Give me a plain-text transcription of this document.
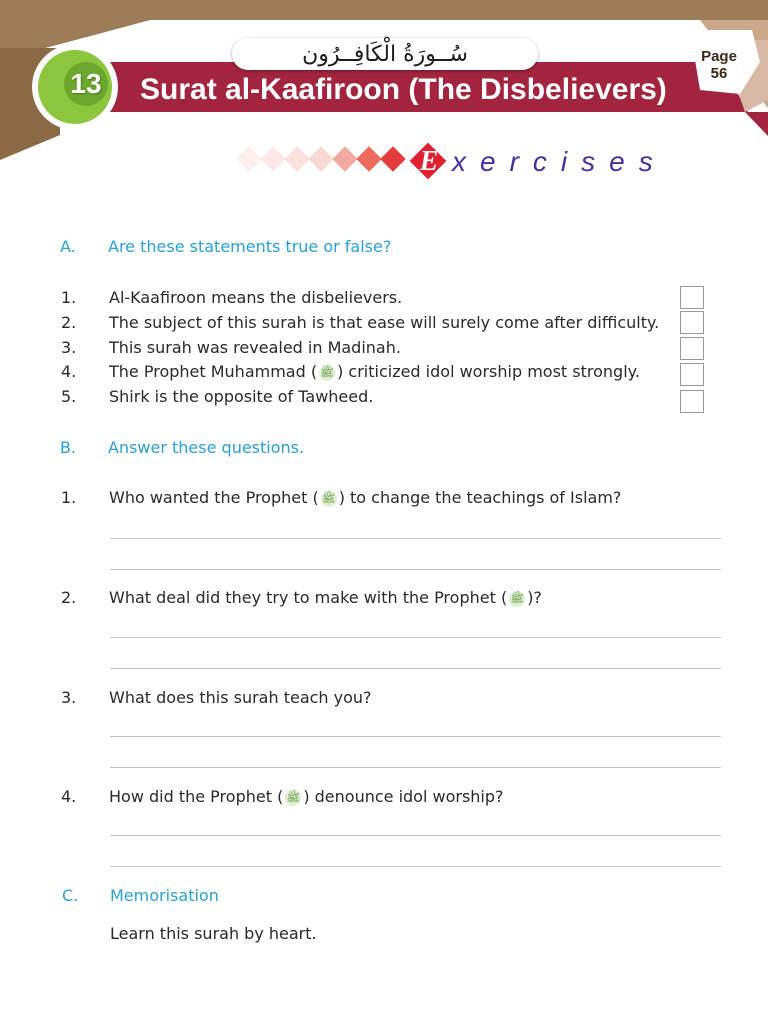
سُــورَةُ الْكَافِــرُون
13 Surat al-Kaafiroon (The Disbelievers)
Page
56
E xercises
A. Are these statements true or false?
1. Al-Kaafiroon means the disbelievers.
2. The subject of this surah is that ease will surely come after difficulty.
3. This surah was revealed in Madinah.
4. The Prophet Muhammad ( ﷺ ) criticized idol worship most strongly.
5. Shirk is the opposite of Tawheed.
B. Answer these questions.
1. Who wanted the Prophet ( ﷺ ) to change the teachings of Islam?
2. What deal did they try to make with the Prophet ( ﷺ )?
3. What does this surah teach you?
4. How did the Prophet ( ﷺ ) denounce idol worship?
C. Memorisation
Learn this surah by heart.
